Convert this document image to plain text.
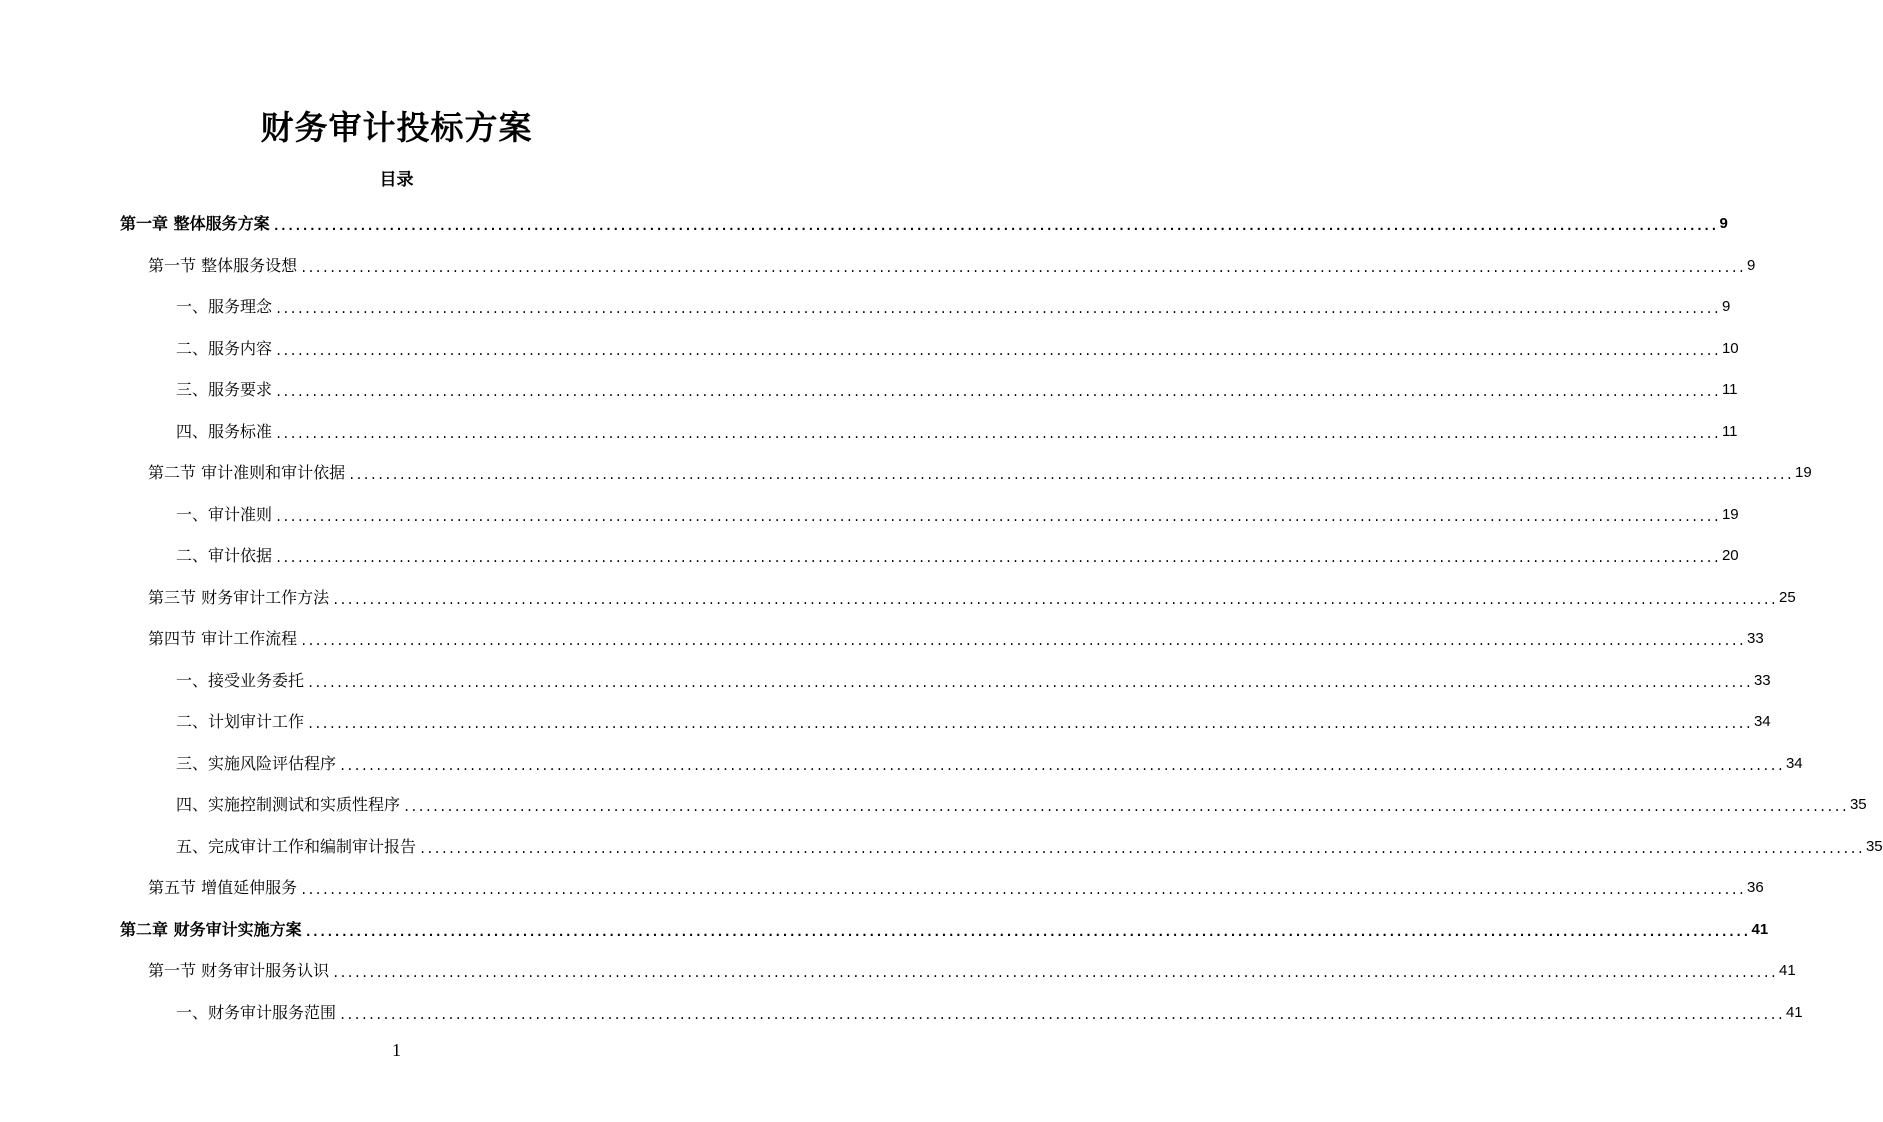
财务审计投标方案
目录
第一章 整体服务方案 ........................................................................................................................................................................................................ 9
第一节 整体服务设想 ........................................................................................................................................................................................................ 9
一、服务理念 ........................................................................................................................................................................................................ 9
二、服务内容 ........................................................................................................................................................................................................ 10
三、服务要求 ........................................................................................................................................................................................................ 11
四、服务标准 ........................................................................................................................................................................................................ 11
第二节 审计准则和审计依据 ........................................................................................................................................................................................................ 19
一、审计准则 ........................................................................................................................................................................................................ 19
二、审计依据 ........................................................................................................................................................................................................ 20
第三节 财务审计工作方法 ........................................................................................................................................................................................................ 25
第四节 审计工作流程 ........................................................................................................................................................................................................ 33
一、接受业务委托 ........................................................................................................................................................................................................ 33
二、计划审计工作 ........................................................................................................................................................................................................ 34
三、实施风险评估程序 ........................................................................................................................................................................................................ 34
四、实施控制测试和实质性程序 ........................................................................................................................................................................................................ 35
五、完成审计工作和编制审计报告 ........................................................................................................................................................................................................ 35
第五节 增值延伸服务 ........................................................................................................................................................................................................ 36
第二章 财务审计实施方案 ........................................................................................................................................................................................................ 41
第一节 财务审计服务认识 ........................................................................................................................................................................................................ 41
一、财务审计服务范围 ........................................................................................................................................................................................................ 41
1
